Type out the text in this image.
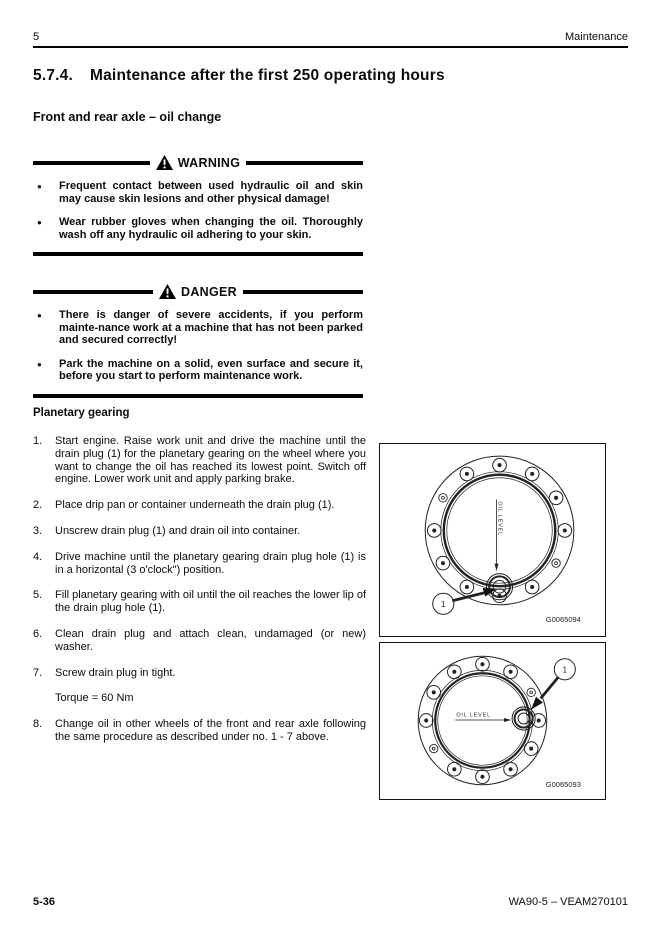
5	Maintenance
5.7.4.	Maintenance after the first 250 operating hours
Front and rear axle – oil change
WARNING
●	Frequent contact between used hydraulic oil and skin may cause skin lesions and other physical damage!

●	Wear rubber gloves when changing the oil. Thoroughly wash off any hydraulic oil adhering to your skin.

DANGER
●	There is danger of severe accidents, if you perform mainte-nance work at a machine that has not been parked and secured correctly!

●	Park the machine on a solid, even surface and secure it, before you start to perform maintenance work.

Planetary gearing
1.	Start engine. Raise work unit and drive the machine until the drain plug (1) for the planetary gearing on the wheel where you want to change the oil has reached its lowest point. Switch off engine. Lower work unit and apply parking brake.

2.	Place drip pan or container underneath the drain plug (1).

3.	Unscrew drain plug (1) and drain oil into container.

4.	Drive machine until the planetary gearing drain plug hole (1) is in a horizontal (3 o'clock") position.

5.	Fill planetary gearing with oil until the oil reaches the lower lip of the drain plug hole (1).

6.	Clean drain plug and attach clean, undamaged (or new) washer.

7.	Screw drain plug in tight.

Torque = 60 Nm

8.	Change oil in other wheels of the front and rear axle following the same procedure as described under no. 1 - 7 above.

OIL LEVEL
1
G0065094
OIL LEVEL
1
G0065093
5-36	WA90-5 – VEAM270101
